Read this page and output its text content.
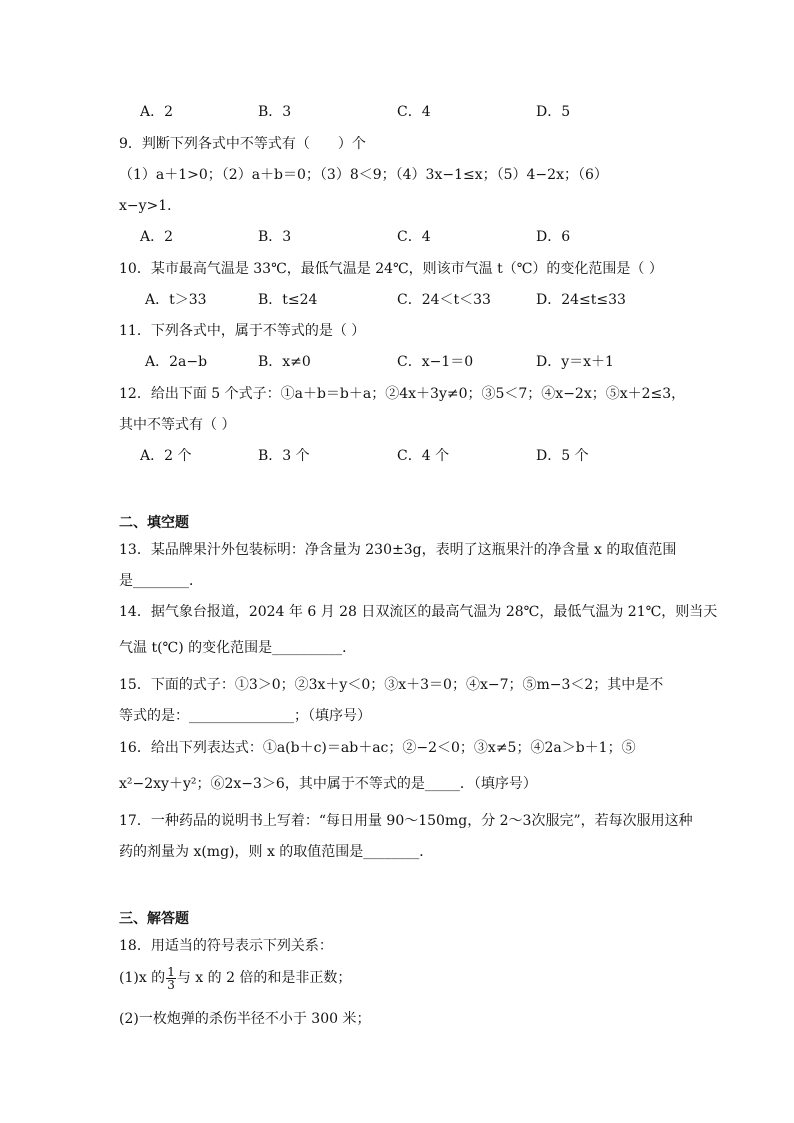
A．2	B．3	C．4	D．5
9．判断下列各式中不等式有（　　）个
（1）a＋1>0；（2）a＋b＝0；（3）8＜9；（4）3x−1≤x；（5）4−2x；（6）
x−y>1．
A．2	B．3	C．4	D．6
10．某市最高气温是 33℃，最低气温是 24℃，则该市气温 t（℃）的变化范围是（ ）
A．t＞33	B．t≤24	C．24＜t＜33	D．24≤t≤33
11．下列各式中，属于不等式的是（ ）
A．2a−b	B．x≠0	C．x−1＝0	D．y＝x＋1
12．给出下面 5 个式子：①a＋b＝b＋a；②4x＋3y≠0；③5＜7；④x−2x；⑤x＋2≤3，
其中不等式有（ ）
A．2 个	B．3 个	C．4 个	D．5 个
二、填空题
13．某品牌果汁外包装标明：净含量为 230±3g，表明了这瓶果汁的净含量 x 的取值范围
是________．
14．据气象台报道，2024 年 6 月 28 日双流区的最高气温为 28℃，最低气温为 21℃，则当天
气温 t(℃) 的变化范围是__________．
15．下面的式子：①3＞0；②3x＋y＜0；③x＋3＝0；④x−7；⑤m−3＜2；其中是不
等式的是：_______________；（填序号）
16．给出下列表达式：①a(b＋c)＝ab＋ac；②−2＜0；③x≠5；④2a＞b＋1；⑤
x²−2xy＋y²；⑥2x−3＞6，其中属于不等式的是_____．（填序号）
17．一种药品的说明书上写着：“每日用量 90～150mg，分 2～3次服完”，若每次服用这种
药的剂量为 x(mg)，则 x 的取值范围是________．
三、解答题
18．用适当的符号表示下列关系：
(1)x 的 $\frac{1}{3}$ 与 x 的 2 倍的和是非正数；
(2)一枚炮弹的杀伤半径不小于 300 米；
